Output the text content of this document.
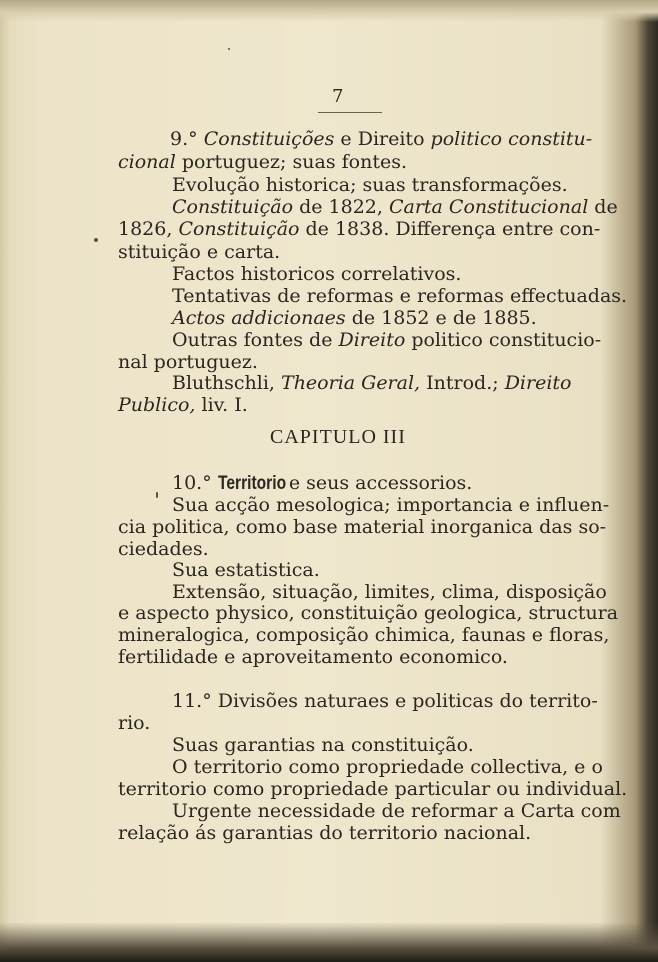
7
9.° Constituições e Direito politico constitu-
cional portuguez; suas fontes.
Evolução historica; suas transformações.
Constituição de 1822, Carta Constitucional de
1826, Constituição de 1838. Differença entre con-
stituição e carta.
Factos historicos correlativos.
Tentativas de reformas e reformas effectuadas.
Actos addicionaes de 1852 e de 1885.
Outras fontes de Direito politico constitucio-
nal portuguez.
Bluthschli, Theoria Geral, Introd.; Direito
Publico, liv. I.
CAPITULO III
10.° Territorio e seus accessorios.
Sua acção mesologica; importancia e influen-
cia politica, como base material inorganica das so-
ciedades.
Sua estatistica.
Extensão, situação, limites, clima, disposição
e aspecto physico, constituição geologica, structura
mineralogica, composição chimica, faunas e floras,
fertilidade e aproveitamento economico.
11.° Divisões naturaes e politicas do territo-
rio.
Suas garantias na constituição.
O territorio como propriedade collectiva, e o
territorio como propriedade particular ou individual.
Urgente necessidade de reformar a Carta com
relação ás garantias do territorio nacional.
